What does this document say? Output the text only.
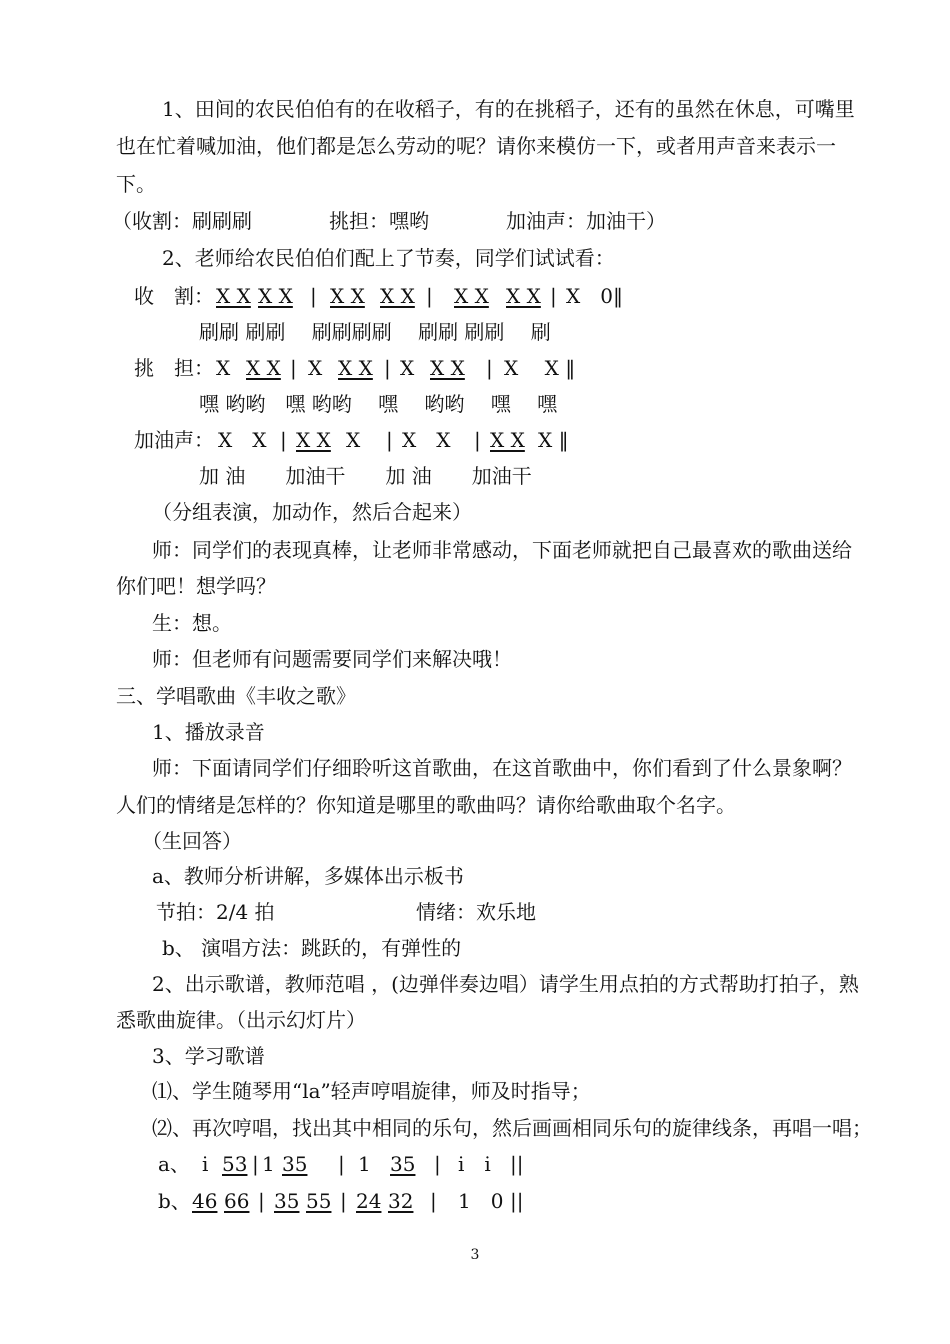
1、田间的农民伯伯有的在收稻子，有的在挑稻子，还有的虽然在休息，可嘴里
也在忙着喊加油，他们都是怎么劳动的呢？请你来模仿一下，或者用声音来表示一
下。
（收割：刷刷刷	挑担：嘿哟	加油声：加油干）
2、老师给农民伯伯们配上了节奏，同学们试试看：
收　割： X X X X | X X X X | X X X X | X　0‖
刷刷 刷刷　 刷刷刷刷　 刷刷 刷刷　 刷
挑　担： X X X | X X X | X X X | X　 X ‖
嘿 哟哟　嘿 哟哟　 嘿　 哟哟　 嘿　 嘿
加油声： X　X | X X X | X　X | X X X ‖
加 油　　加油干　　加 油　　加油干
（分组表演，加动作，然后合起来）
师：同学们的表现真棒，让老师非常感动，下面老师就把自己最喜欢的歌曲送给
你们吧！想学吗？
生：想。
师：但老师有问题需要同学们来解决哦！
三、学唱歌曲《丰收之歌》
1、播放录音
师：下面请同学们仔细聆听这首歌曲，在这首歌曲中，你们看到了什么景象啊？
人们的情绪是怎样的？你知道是哪里的歌曲吗？请你给歌曲取个名字。
（生回答）
a、教师分析讲解，多媒体出示板书
节拍：2/4 拍	情绪：欢乐地
b、 演唱方法：跳跃的，有弹性的
2、出示歌谱，教师范唱 ，(边弹伴奏边唱）请学生用点拍的方式帮助打拍子，熟
悉歌曲旋律。（出示幻灯片）
3、学习歌谱
⑴、学生随琴用“la”轻声哼唱旋律，师及时指导；
⑵、再次哼唱，找出其中相同的乐句，然后画画相同乐句的旋律线条，再唱一唱；
a、 i 53 | 1 35 | 1 35 | i　i ||
b、 46 66 | 35 55 | 24 32 | 1　0 ||
3
